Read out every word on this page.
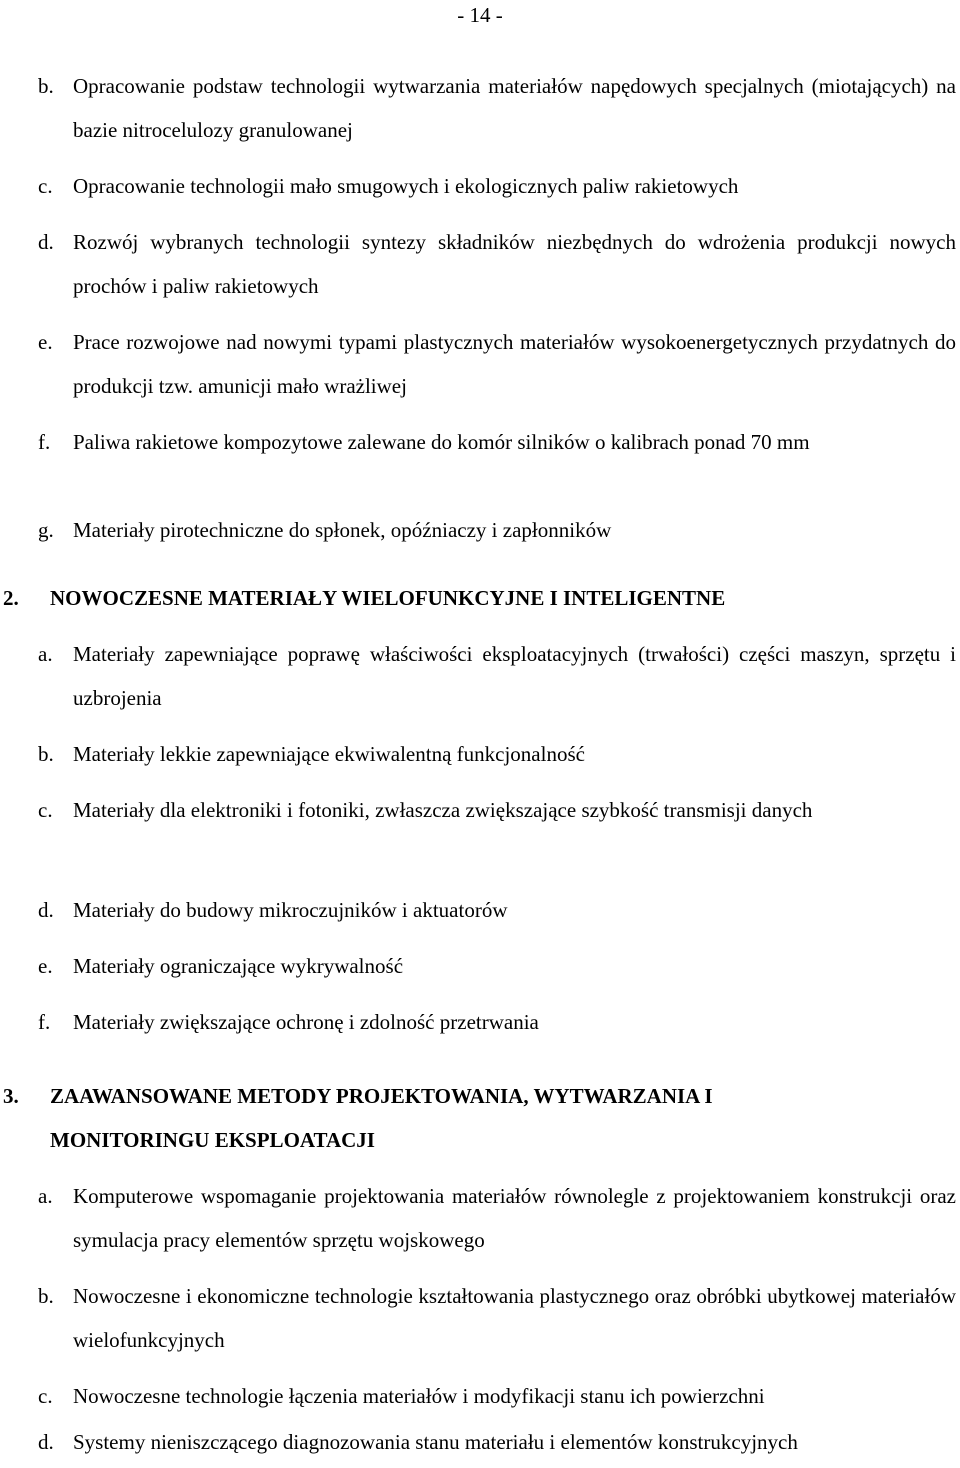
- 14 -
b. Opracowanie podstaw technologii wytwarzania materiałów napędowych specjalnych (miotających) na bazie nitrocelulozy granulowanej
c. Opracowanie technologii mało smugowych i ekologicznych paliw rakietowych
d. Rozwój wybranych technologii syntezy składników niezbędnych do wdrożenia produkcji nowych prochów i paliw rakietowych
e. Prace rozwojowe nad nowymi typami plastycznych materiałów wysokoenergetycznych przydatnych do produkcji tzw. amunicji mało wrażliwej
f. Paliwa rakietowe kompozytowe zalewane do komór silników o kalibrach ponad 70 mm
g. Materiały pirotechniczne do spłonek, opóźniaczy i zapłonników
2. NOWOCZESNE MATERIAŁY WIELOFUNKCYJNE I INTELIGENTNE
a. Materiały zapewniające poprawę właściwości eksploatacyjnych (trwałości) części maszyn, sprzętu i uzbrojenia
b. Materiały lekkie zapewniające ekwiwalentną funkcjonalność
c. Materiały dla elektroniki i fotoniki, zwłaszcza zwiększające szybkość transmisji danych
d. Materiały do budowy mikroczujników i aktuatorów
e. Materiały ograniczające wykrywalność
f. Materiały zwiększające ochronę i zdolność przetrwania
3. ZAAWANSOWANE METODY PROJEKTOWANIA, WYTWARZANIA I MONITORINGU EKSPLOATACJI
a. Komputerowe wspomaganie projektowania materiałów równolegle z projektowaniem konstrukcji oraz symulacja pracy elementów sprzętu wojskowego
b. Nowoczesne i ekonomiczne technologie kształtowania plastycznego oraz obróbki ubytkowej materiałów wielofunkcyjnych
c. Nowoczesne technologie łączenia materiałów i modyfikacji stanu ich powierzchni
d. Systemy nieniszczącego diagnozowania stanu materiału i elementów konstrukcyjnych
